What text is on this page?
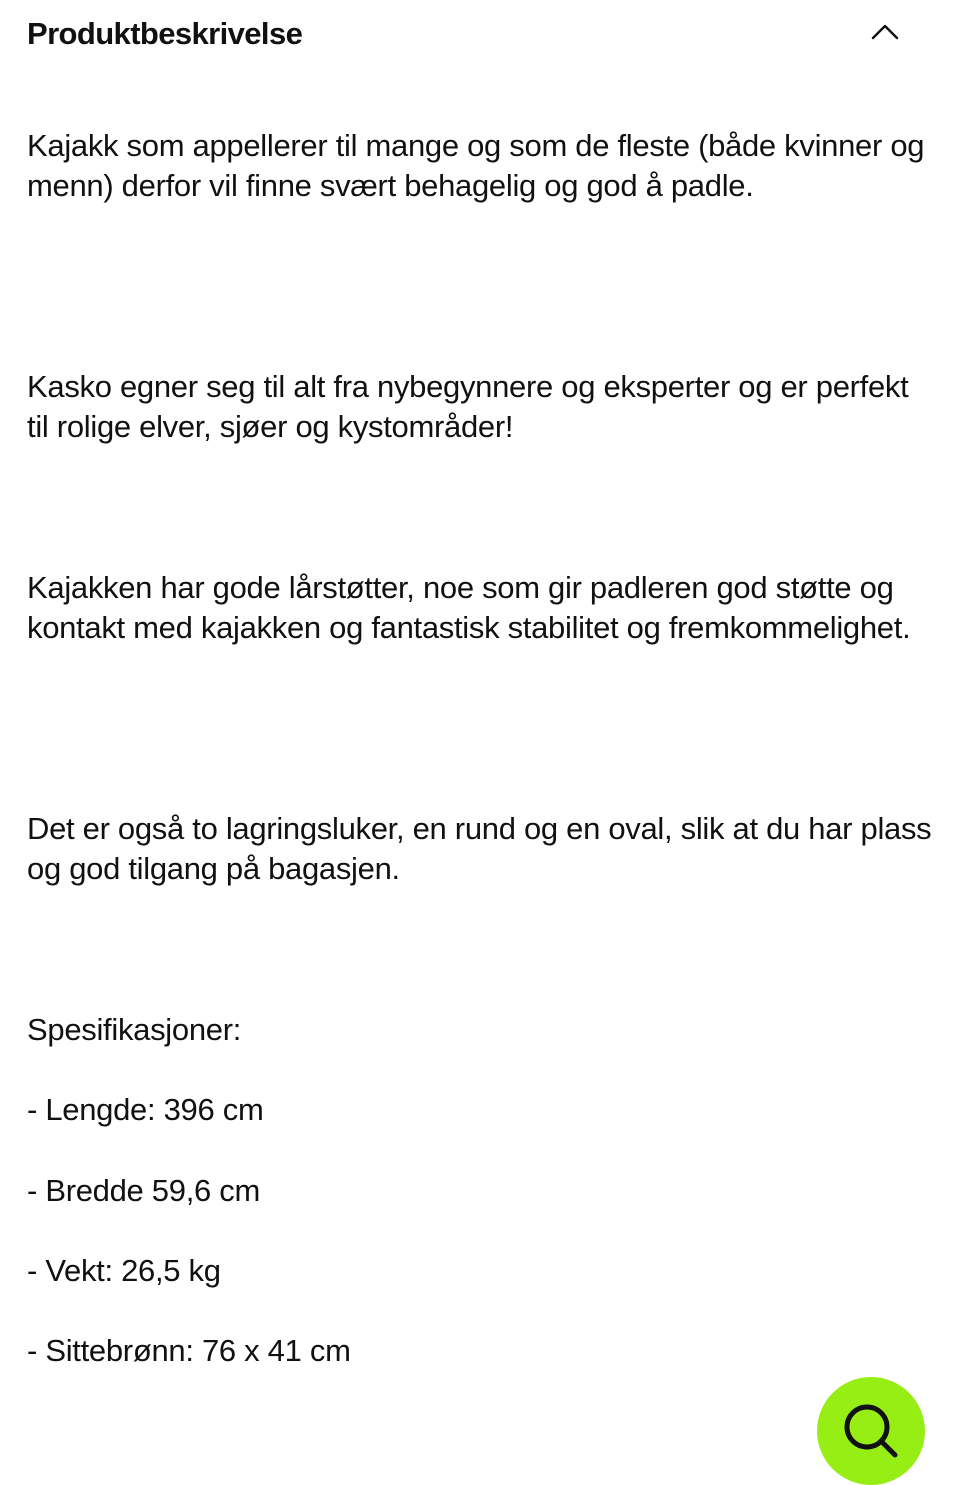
Produktbeskrivelse

Kajakk som appellerer til mange og som de fleste (både kvinner og menn) derfor vil finne svært behagelig og god å padle.

Kasko egner seg til alt fra nybegynnere og eksperter og er perfekt til rolige elver, sjøer og kystområder!

Kajakken har gode lårstøtter, noe som gir padleren god støtte og kontakt med kajakken og fantastisk stabilitet og fremkommelighet.

Det er også to lagringsluker, en rund og en oval, slik at du har plass og god tilgang på bagasjen.

Spesifikasjoner:

- Lengde: 396 cm

- Bredde 59,6 cm

- Vekt: 26,5 kg

- Sittebrønn: 76 x 41 cm
